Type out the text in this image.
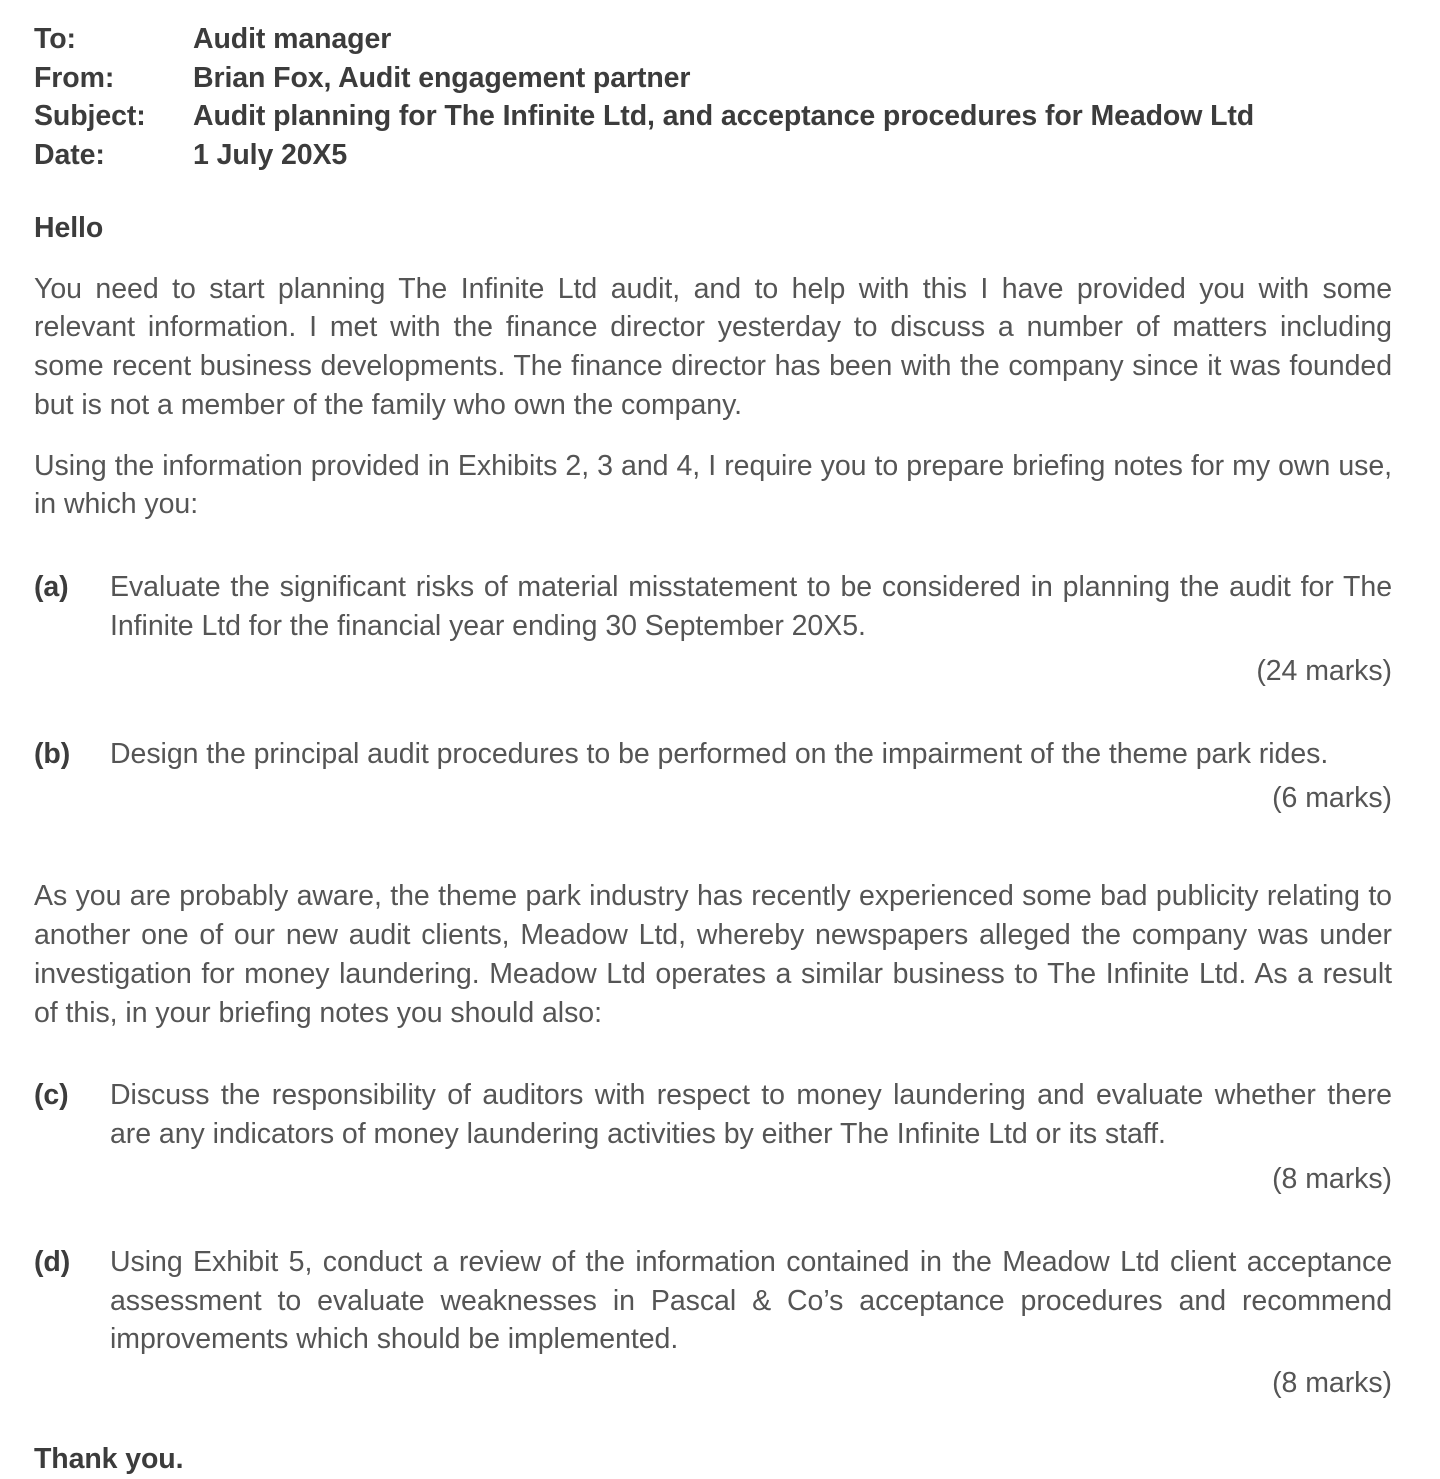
To:	Audit manager
From:	Brian Fox, Audit engagement partner
Subject:	Audit planning for The Infinite Ltd, and acceptance procedures for Meadow Ltd
Date:	1 July 20X5
Hello
You need to start planning The Infinite Ltd audit, and to help with this I have provided you with some relevant information. I met with the finance director yesterday to discuss a number of matters including some recent business developments. The finance director has been with the company since it was founded but is not a member of the family who own the company.
Using the information provided in Exhibits 2, 3 and 4, I require you to prepare briefing notes for my own use, in which you:
(a)	Evaluate the significant risks of material misstatement to be considered in planning the audit for The Infinite Ltd for the financial year ending 30 September 20X5.
(24 marks)
(b)	Design the principal audit procedures to be performed on the impairment of the theme park rides.
(6 marks)
As you are probably aware, the theme park industry has recently experienced some bad publicity relating to another one of our new audit clients, Meadow Ltd, whereby newspapers alleged the company was under investigation for money laundering. Meadow Ltd operates a similar business to The Infinite Ltd. As a result of this, in your briefing notes you should also:
(c)	Discuss the responsibility of auditors with respect to money laundering and evaluate whether there are any indicators of money laundering activities by either The Infinite Ltd or its staff.
(8 marks)
(d)	Using Exhibit 5, conduct a review of the information contained in the Meadow Ltd client acceptance assessment to evaluate weaknesses in Pascal & Co’s acceptance procedures and recommend improvements which should be implemented.
(8 marks)
Thank you.
